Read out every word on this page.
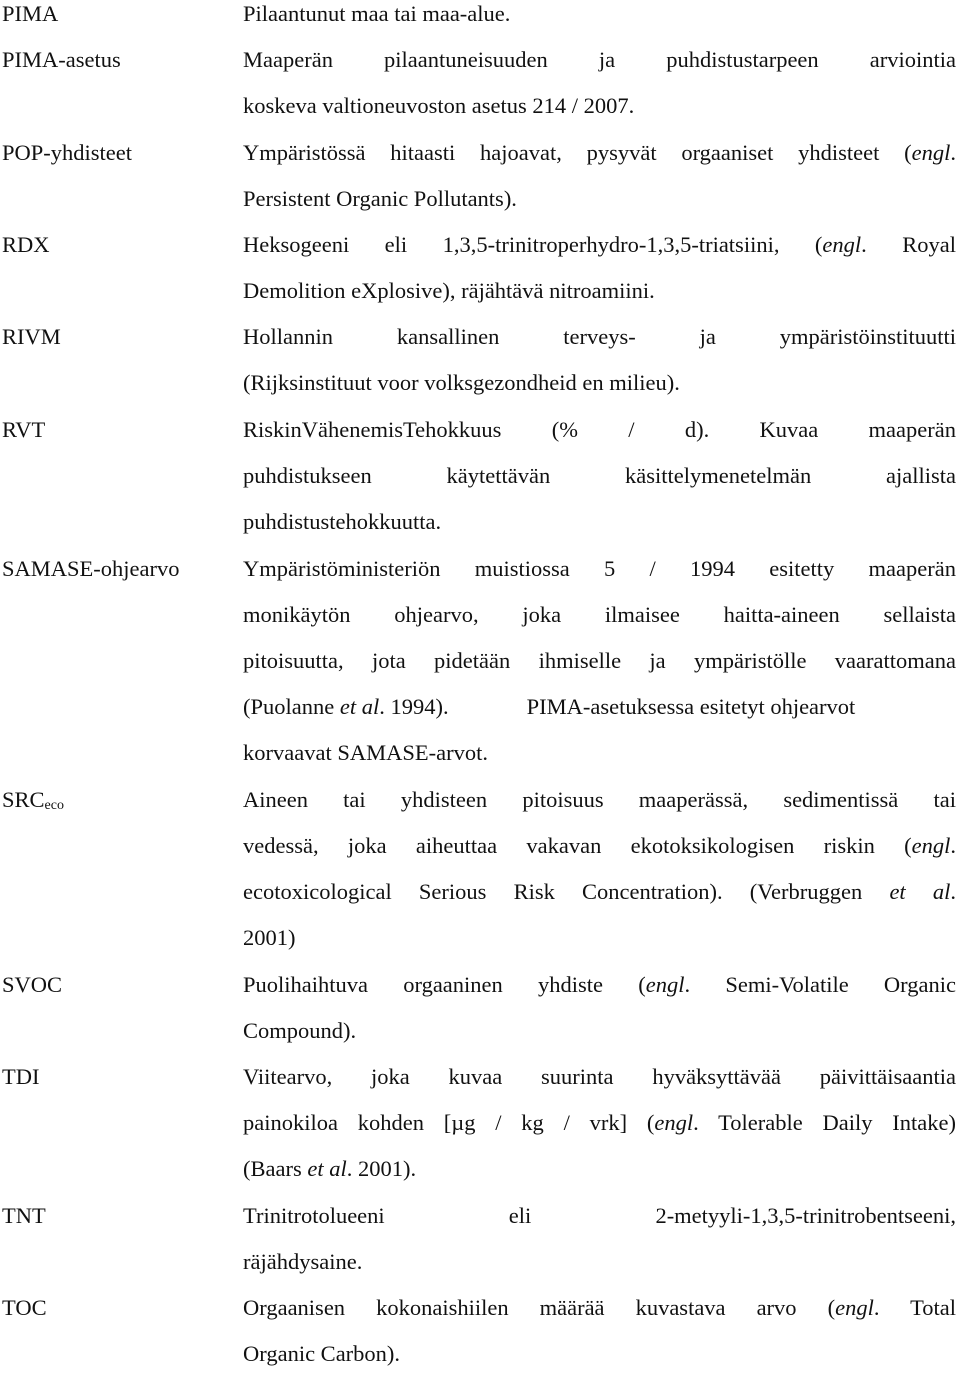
PIMA	Pilaantunut maa tai maa-alue.
PIMA-asetus	Maaperän pilaantuneisuuden ja puhdistustarpeen arviointia
koskeva valtioneuvoston asetus 214 / 2007.
POP-yhdisteet	Ympäristössä hitaasti hajoavat, pysyvät orgaaniset yhdisteet (engl.
Persistent Organic Pollutants).
RDX	Heksogeeni eli 1,3,5-trinitroperhydro-1,3,5-triatsiini, (engl. Royal
Demolition eXplosive), räjähtävä nitroamiini.
RIVM	Hollannin kansallinen terveys- ja ympäristöinstituutti
(Rijksinstituut voor volksgezondheid en milieu).
RVT	RiskinVähenemisTehokkuus (% / d). Kuvaa maaperän
puhdistukseen käytettävän käsittelymenetelmän ajallista
puhdistustehokkuutta.
SAMASE-ohjearvo	Ympäristöministeriön muistiossa 5 / 1994 esitetty maaperän
monikäytön ohjearvo, joka ilmaisee haitta-aineen sellaista
pitoisuutta, jota pidetään ihmiselle ja ympäristölle vaarattomana
(Puolanne et al. 1994).	PIMA-asetuksessa esitetyt ohjearvot
korvaavat SAMASE-arvot.
$SRC_{eco}$	Aineen tai yhdisteen pitoisuus maaperässä, sedimentissä tai
vedessä, joka aiheuttaa vakavan ekotoksikologisen riskin (engl.
ecotoxicological Serious Risk Concentration). (Verbruggen et al.
2001)
SVOC	Puolihaihtuva orgaaninen yhdiste (engl. Semi-Volatile Organic
Compound).
TDI	Viitearvo, joka kuvaa suurinta hyväksyttävää päivittäisaantia
painokiloa kohden [µg / kg / vrk] (engl. Tolerable Daily Intake)
(Baars et al. 2001).
TNT	Trinitrotolueeni eli 2-metyyli-1,3,5-trinitrobentseeni,
räjähdysaine.
TOC	Orgaanisen kokonaishiilen määrää kuvastava arvo (engl. Total
Organic Carbon).
